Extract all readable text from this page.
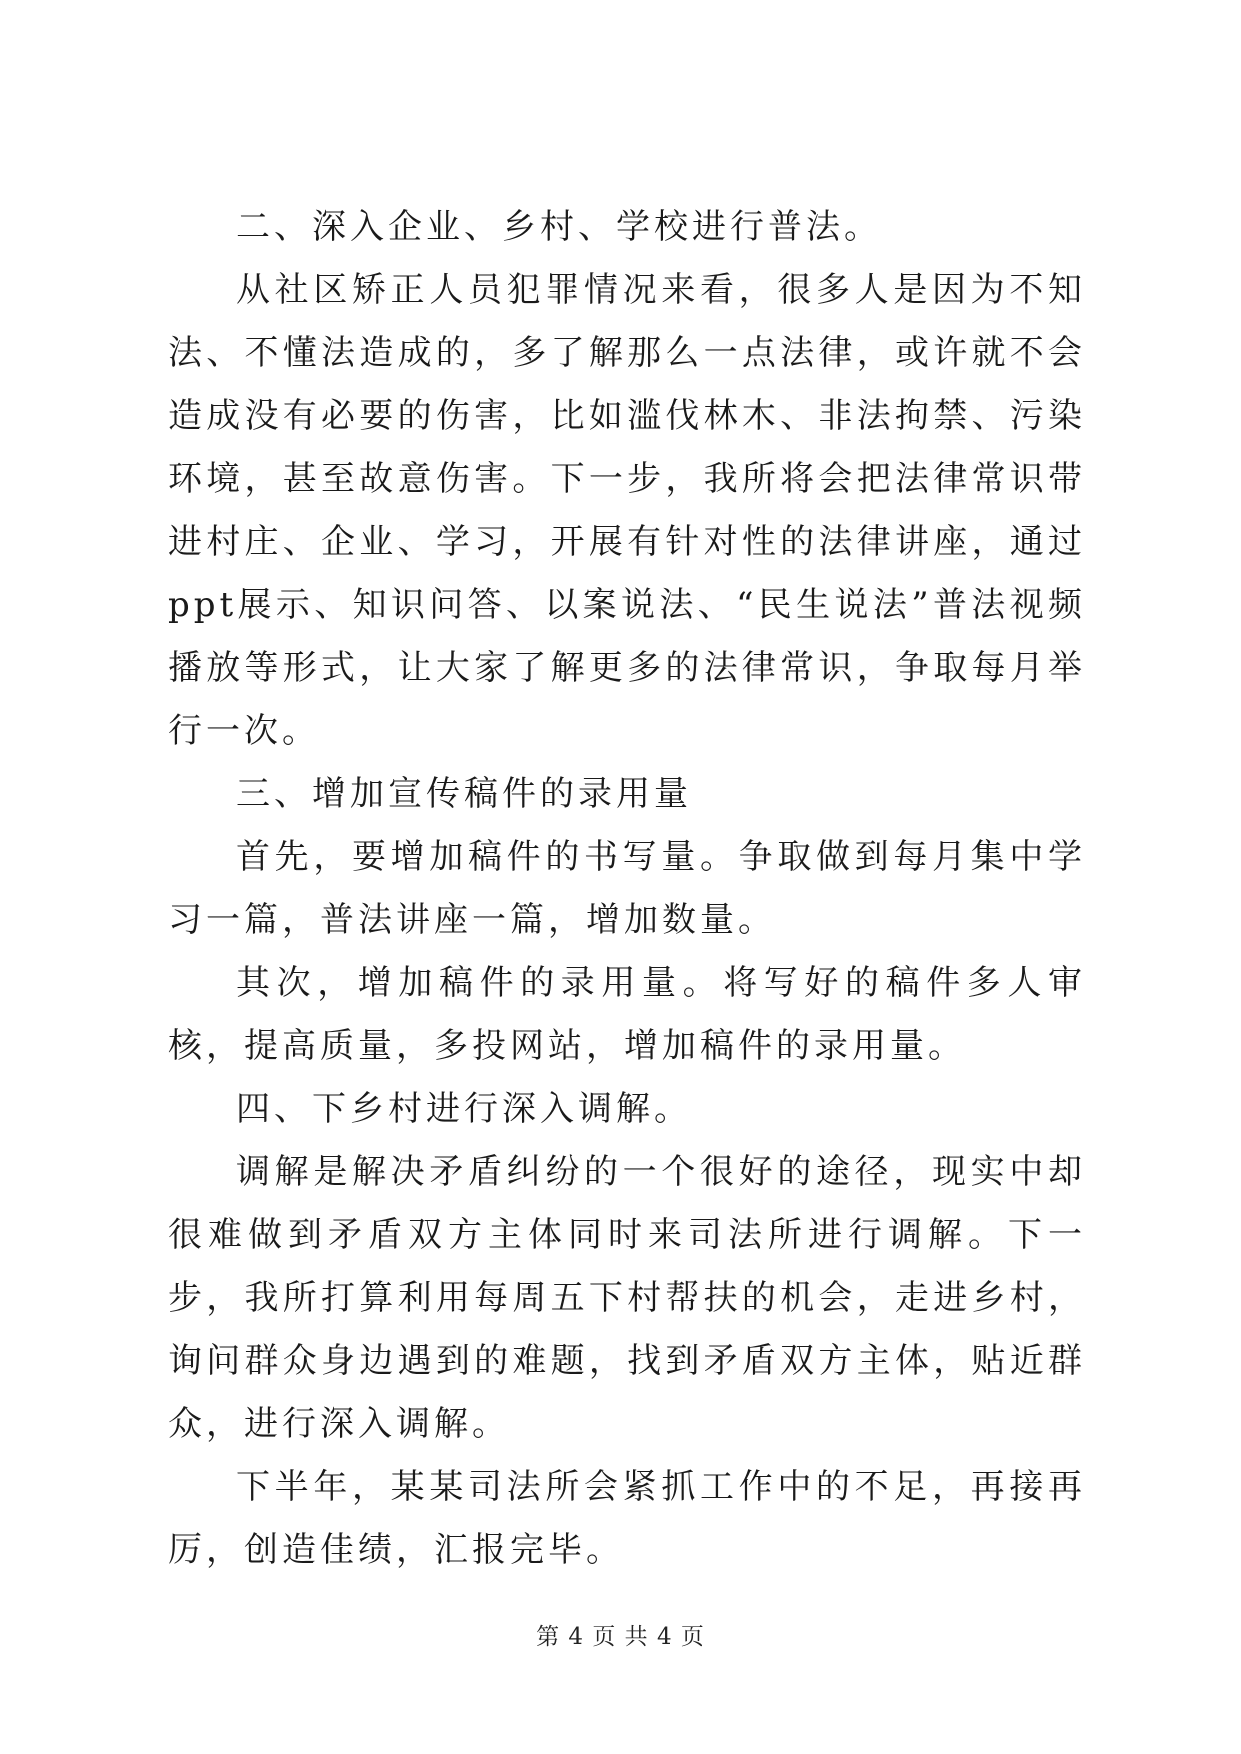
二、深入企业、乡村、学校进行普法。

从社区矫正人员犯罪情况来看，很多人是因为不知法、不懂法造成的，多了解那么一点法律，或许就不会造成没有必要的伤害，比如滥伐林木、非法拘禁、污染环境，甚至故意伤害。下一步，我所将会把法律常识带进村庄、企业、学习，开展有针对性的法律讲座，通过ppt展示、知识问答、以案说法、“民生说法”普法视频播放等形式，让大家了解更多的法律常识，争取每月举行一次。

三、增加宣传稿件的录用量

首先，要增加稿件的书写量。争取做到每月集中学习一篇，普法讲座一篇，增加数量。

其次，增加稿件的录用量。将写好的稿件多人审核，提高质量，多投网站，增加稿件的录用量。

四、下乡村进行深入调解。

调解是解决矛盾纠纷的一个很好的途径，现实中却很难做到矛盾双方主体同时来司法所进行调解。下一步，我所打算利用每周五下村帮扶的机会，走进乡村，询问群众身边遇到的难题，找到矛盾双方主体，贴近群众，进行深入调解。

下半年，某某司法所会紧抓工作中的不足，再接再厉，创造佳绩，汇报完毕。

第 4 页 共 4 页
